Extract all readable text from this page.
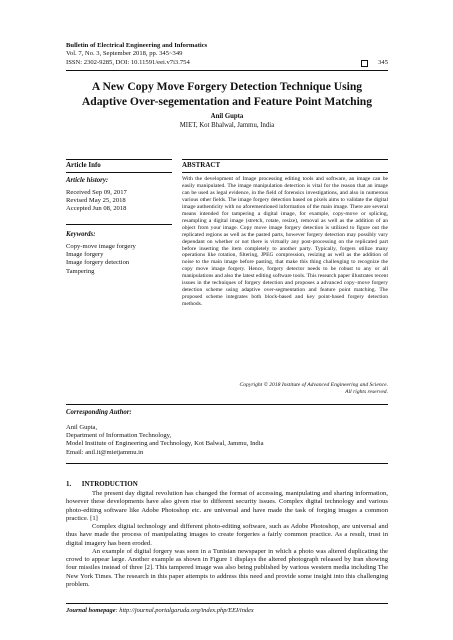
Bulletin of Electrical Engineering and Informatics
Vol. 7, No. 3, September 2018, pp. 345~349
ISSN: 2302-9285, DOI: 10.11591/eei.v7i3.754	345
A New Copy Move Forgery Detection Technique Using
Adaptive Over-segementation and Feature Point Matching
Anil Gupta
MIET, Kot Bhalwal, Jammu, India
Article Info	ABSTRACT
Article history:
Received Sep 09, 2017
Revised May 25, 2018
Accepted Jun 08, 2018
Keywords:
Copy-move image forgery
Image forgery
Image forgery detection
Tampering
With the development of Image processing editing tools and software, an image can be easily manipulated. The image manipulation detection is vital for the reason that an image can be used as legal evidence, in the field of forensics investigations, and also in numerous various other fields. The image forgery detection based on pixels aims to validate the digital image authenticity with no aforementioned information of the main image. There are several means intended for tampering a digital image, for example, copy-move or splicing, resampling a digital image (stretch, rotate, resize), removal as well as the addition of an object from your image. Copy move image forgery detection is utilized to figure out the replicated regions as well as the pasted parts, however forgery detection may possibly vary dependant on whether or not there is virtually any post-processing on the replicated part before inserting the item completely to another party. Typically, forgers utilize many operations like rotation, filtering, JPEG compression, resizing as well as the addition of noise to the main image before pasting, that make this thing challenging to recognize the copy move image forgery. Hence, forgery detector needs to be robust to any or all manipulations and also the latest editing software tools. This research paper illustrates recent issues in the techniques of forgery detection and proposes a advanced copy–move forgery detection scheme using adaptive over-segmentation and feature point matching. The proposed scheme integrates both block-based and key point-based forgery detection methods.
Copyright © 2018 Institute of Advanced Engineering and Science.
All rights reserved.
Corresponding Author:
Anil Gupta,
Department of Information Technology,
Model Institute of Engineering and Technology, Kot Balwal, Jammu, India
Email: anil.it@mietjammu.in
1.      INTRODUCTION

The present day digital revolution has changed the format of accessing, manipulating and sharing information, however these developments have also given rise to different security issues. Complex digital technology and various photo-editing software like Adobe Photoshop etc. are universal and have made the task of forging images a common practice. [1]

Complex digital technology and different photo-editing software, such as Adobe Photoshop, are universal and thus have made the process of manipulating images to create forgeries a fairly common practice. As a result, trust in digital imagery has been eroded.

An example of digital forgery was seen in a Tunisian newspaper in which a photo was altered duplicating the crowd to appear large. Another example as shown in Figure 1 displays the altered photograph released by Iran showing four missiles instead of three [2]. This tampered image was also being published by various western media including The New York Times. The research in this paper attempts to address this need and provide some insight into this challenging problem.

Journal homepage: http://journal.portalgaruda.org/index.php/EEI/index
